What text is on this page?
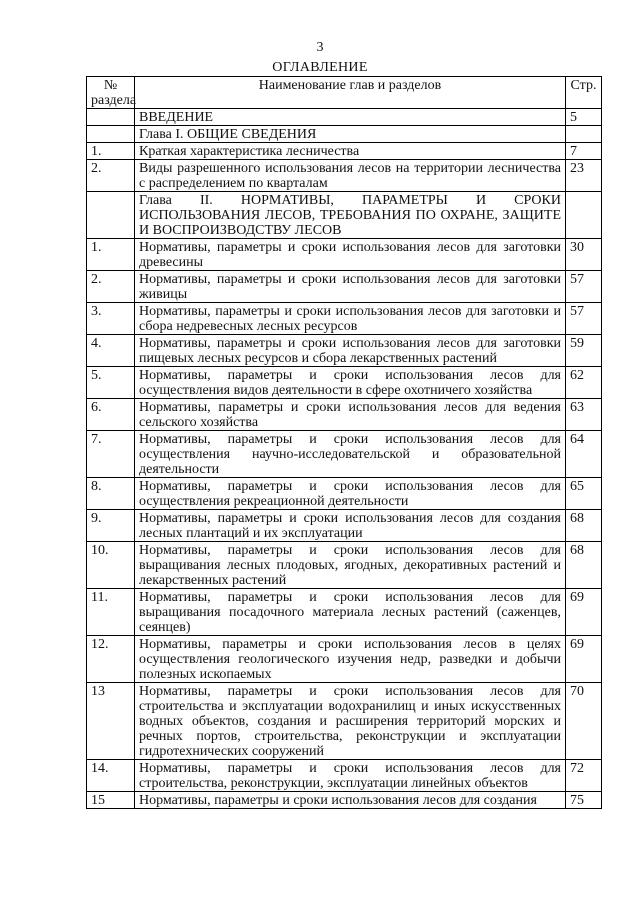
3
ОГЛАВЛЕНИЕ
№
раздела	Наименование глав и разделов	Стр.
	ВВЕДЕНИЕ	5
	Глава I. ОБЩИЕ СВЕДЕНИЯ	
1.	Краткая характеристика лесничества	7
2.	Виды разрешенного использования лесов на территории лесничества с распределением по кварталам	23
	Глава II. НОРМАТИВЫ, ПАРАМЕТРЫ И СРОКИ ИСПОЛЬЗОВАНИЯ ЛЕСОВ, ТРЕБОВАНИЯ ПО ОХРАНЕ, ЗАЩИТЕ И ВОСПРОИЗВОДСТВУ ЛЕСОВ	
1.	Нормативы, параметры и сроки использования лесов для заготовки древесины	30
2.	Нормативы, параметры и сроки использования лесов для заготовки живицы	57
3.	Нормативы, параметры и сроки использования лесов для заготовки и сбора недревесных лесных ресурсов	57
4.	Нормативы, параметры и сроки использования лесов для заготовки пищевых лесных ресурсов и сбора лекарственных растений	59
5.	Нормативы, параметры и сроки использования лесов для осуществления видов деятельности в сфере охотничего хозяйства	62
6.	Нормативы, параметры и сроки использования лесов для ведения сельского хозяйства	63
7.	Нормативы, параметры и сроки использования лесов для осуществления научно-исследовательской и образовательной деятельности	64
8.	Нормативы, параметры и сроки использования лесов для осуществления рекреационной деятельности	65
9.	Нормативы, параметры и сроки использования лесов для создания лесных плантаций и их эксплуатации	68
10.	Нормативы, параметры и сроки использования лесов для выращивания лесных плодовых, ягодных, декоративных растений и лекарственных растений	68
11.	Нормативы, параметры и сроки использования лесов для выращивания посадочного материала лесных растений (саженцев, сеянцев)	69
12.	Нормативы, параметры и сроки использования лесов в целях осуществления геологического изучения недр, разведки и добычи полезных ископаемых	69
13	Нормативы, параметры и сроки использования лесов для строительства и эксплуатации водохранилищ и иных искусственных водных объектов, создания и расширения территорий морских и речных портов, строительства, реконструкции и эксплуатации гидротехнических сооружений	70
14.	Нормативы, параметры и сроки использования лесов для строительства, реконструкции, эксплуатации линейных объектов	72
15	Нормативы, параметры и сроки использования лесов для создания	75
